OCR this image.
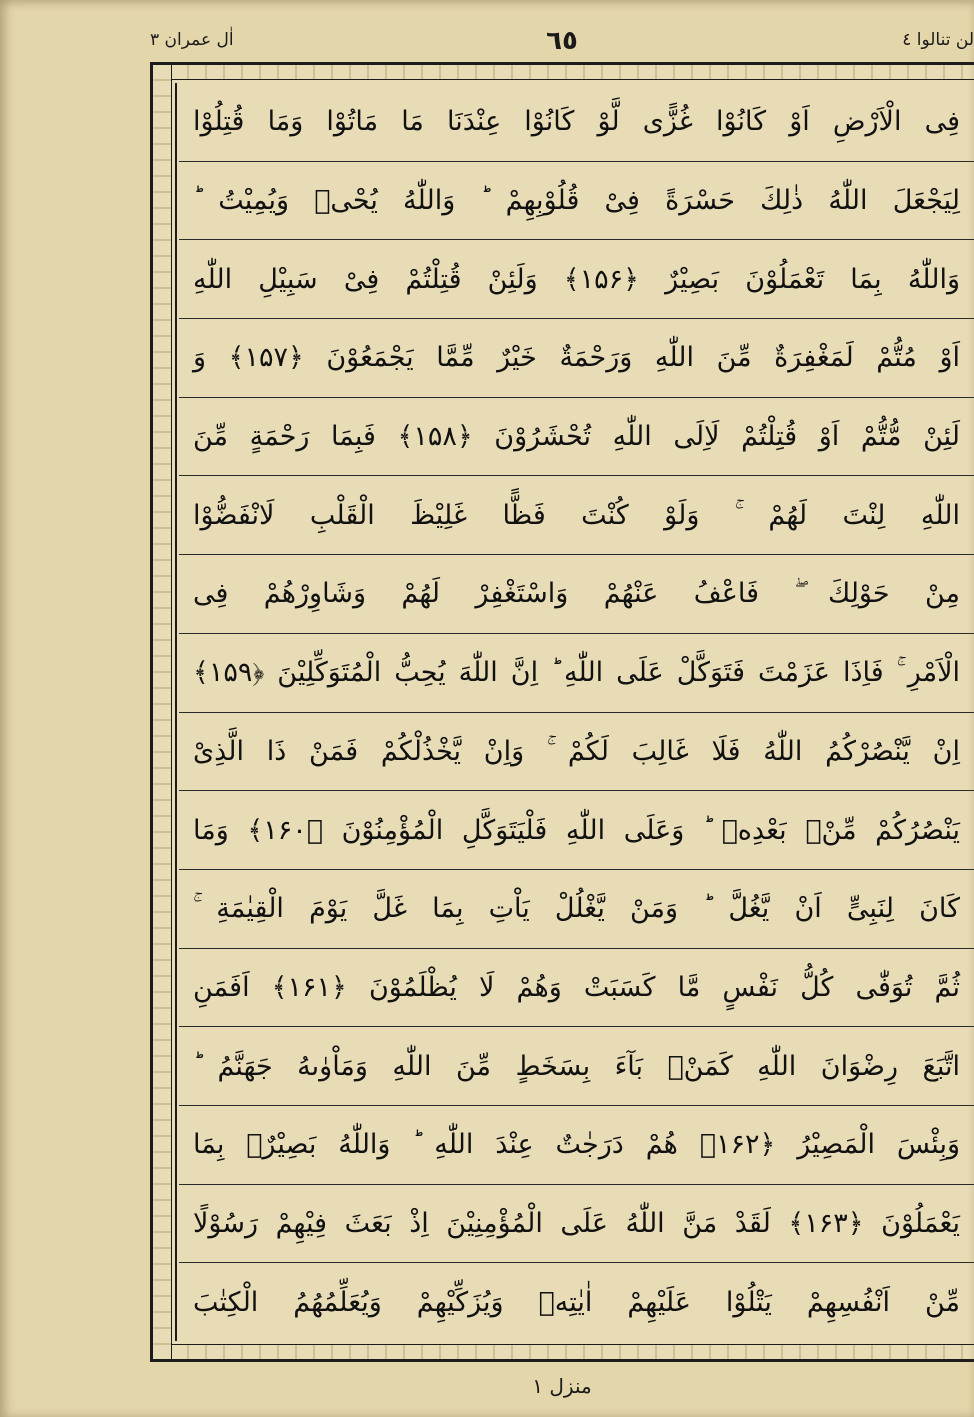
لن تنالوا ٤
٦٥
اٰل عمران ٣
فِى الْاَرْضِ اَوْ كَانُوْا غُزًّى لَّوْ كَانُوْا عِنْدَنَا مَا مَاتُوْا وَمَا قُتِلُوْا
لِيَجْعَلَ اللّٰهُ ذٰلِكَ حَسْرَةً فِىْ قُلُوْبِهِمْ ؕ وَاللّٰهُ يُحْىٖ وَيُمِيْتُ ؕ
وَاللّٰهُ بِمَا تَعْمَلُوْنَ بَصِيْرٌ ﴿۱۵۶﴾ وَلَئِنْ قُتِلْتُمْ فِىْ سَبِيْلِ اللّٰهِ
اَوْ مُتُّمْ لَمَغْفِرَةٌ مِّنَ اللّٰهِ وَرَحْمَةٌ خَيْرٌ مِّمَّا يَجْمَعُوْنَ ﴿۱۵۷﴾ وَ
لَئِنْ مُّتُّمْ اَوْ قُتِلْتُمْ لَاِلَى اللّٰهِ تُحْشَرُوْنَ ﴿۱۵۸﴾ فَبِمَا رَحْمَةٍ مِّنَ
اللّٰهِ لِنْتَ لَهُمْ ۚ وَلَوْ كُنْتَ فَظًّا غَلِيْظَ الْقَلْبِ لَانْفَضُّوْا
مِنْ حَوْلِكَ ۖ فَاعْفُ عَنْهُمْ وَاسْتَغْفِرْ لَهُمْ وَشَاوِرْهُمْ فِى
الْاَمْرِ ۚ فَاِذَا عَزَمْتَ فَتَوَكَّلْ عَلَى اللّٰهِ ؕ اِنَّ اللّٰهَ يُحِبُّ الْمُتَوَكِّلِيْنَ ﴿۱۵۹﴾
اِنْ يَّنْصُرْكُمُ اللّٰهُ فَلَا غَالِبَ لَكُمْ ۚ وَاِنْ يَّخْذُلْكُمْ فَمَنْ ذَا الَّذِىْ
يَنْصُرُكُمْ مِّنْۢ بَعْدِهٖ ؕ وَعَلَى اللّٰهِ فَلْيَتَوَكَّلِ الْمُؤْمِنُوْنَ ﴿۱۶۰﴾ وَمَا
كَانَ لِنَبِىٍّ اَنْ يَّغُلَّ ؕ وَمَنْ يَّغْلُلْ يَاْتِ بِمَا غَلَّ يَوْمَ الْقِيٰمَةِ ۚ
ثُمَّ تُوَفّٰى كُلُّ نَفْسٍ مَّا كَسَبَتْ وَهُمْ لَا يُظْلَمُوْنَ ﴿۱۶۱﴾ اَفَمَنِ
اتَّبَعَ رِضْوَانَ اللّٰهِ كَمَنْۢ بَآءَ بِسَخَطٍ مِّنَ اللّٰهِ وَمَاْوٰىهُ جَهَنَّمُ ؕ
وَبِئْسَ الْمَصِيْرُ ﴿۱۶۲﴾ هُمْ دَرَجٰتٌ عِنْدَ اللّٰهِ ؕ وَاللّٰهُ بَصِيْرٌۢ بِمَا
يَعْمَلُوْنَ ﴿۱۶۳﴾ لَقَدْ مَنَّ اللّٰهُ عَلَى الْمُؤْمِنِيْنَ اِذْ بَعَثَ فِيْهِمْ رَسُوْلًا
مِّنْ اَنْفُسِهِمْ يَتْلُوْا عَلَيْهِمْ اٰيٰتِهٖ وَيُزَكِّيْهِمْ وَيُعَلِّمُهُمُ الْكِتٰبَ
منزل ١
